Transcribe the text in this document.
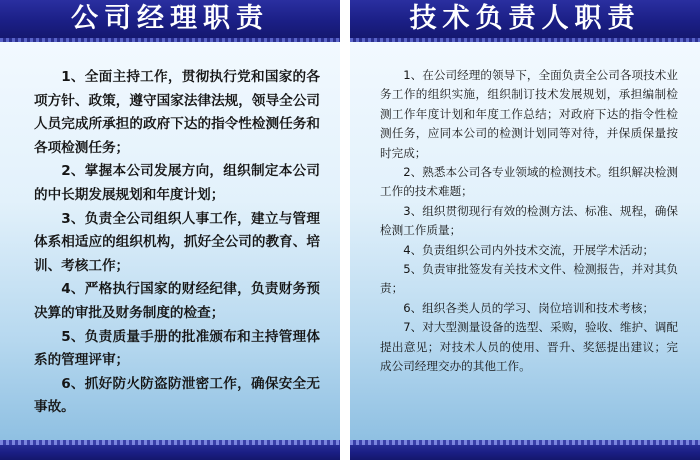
公司经理职责

1、全面主持工作，贯彻执行党和国家的各项方针、政策，遵守国家法律法规，领导全公司人员完成所承担的政府下达的指令性检测任务和各项检测任务；

2、掌握本公司发展方向，组织制定本公司的中长期发展规划和年度计划；

3、负责全公司组织人事工作，建立与管理体系相适应的组织机构，抓好全公司的教育、培训、考核工作；

4、严格执行国家的财经纪律，负责财务预决算的审批及财务制度的检查；

5、负责质量手册的批准颁布和主持管理体系的管理评审；

6、抓好防火防盗防泄密工作，确保安全无事故。

技术负责人职责

1、在公司经理的领导下，全面负责全公司各项技术业务工作的组织实施，组织制订技术发展规划，承担编制检测工作年度计划和年度工作总结；对政府下达的指令性检测任务，应同本公司的检测计划同等对待，并保质保量按时完成；

2、熟悉本公司各专业领域的检测技术。组织解决检测工作的技术难题；

3、组织贯彻现行有效的检测方法、标准、规程，确保检测工作质量；

4、负责组织公司内外技术交流，开展学术活动；

5、负责审批签发有关技术文件、检测报告，并对其负责；

6、组织各类人员的学习、岗位培训和技术考核；

7、对大型测量设备的选型、采购，验收、维护、调配提出意见；对技术人员的使用、晋升、奖惩提出建议；完成公司经理交办的其他工作。
